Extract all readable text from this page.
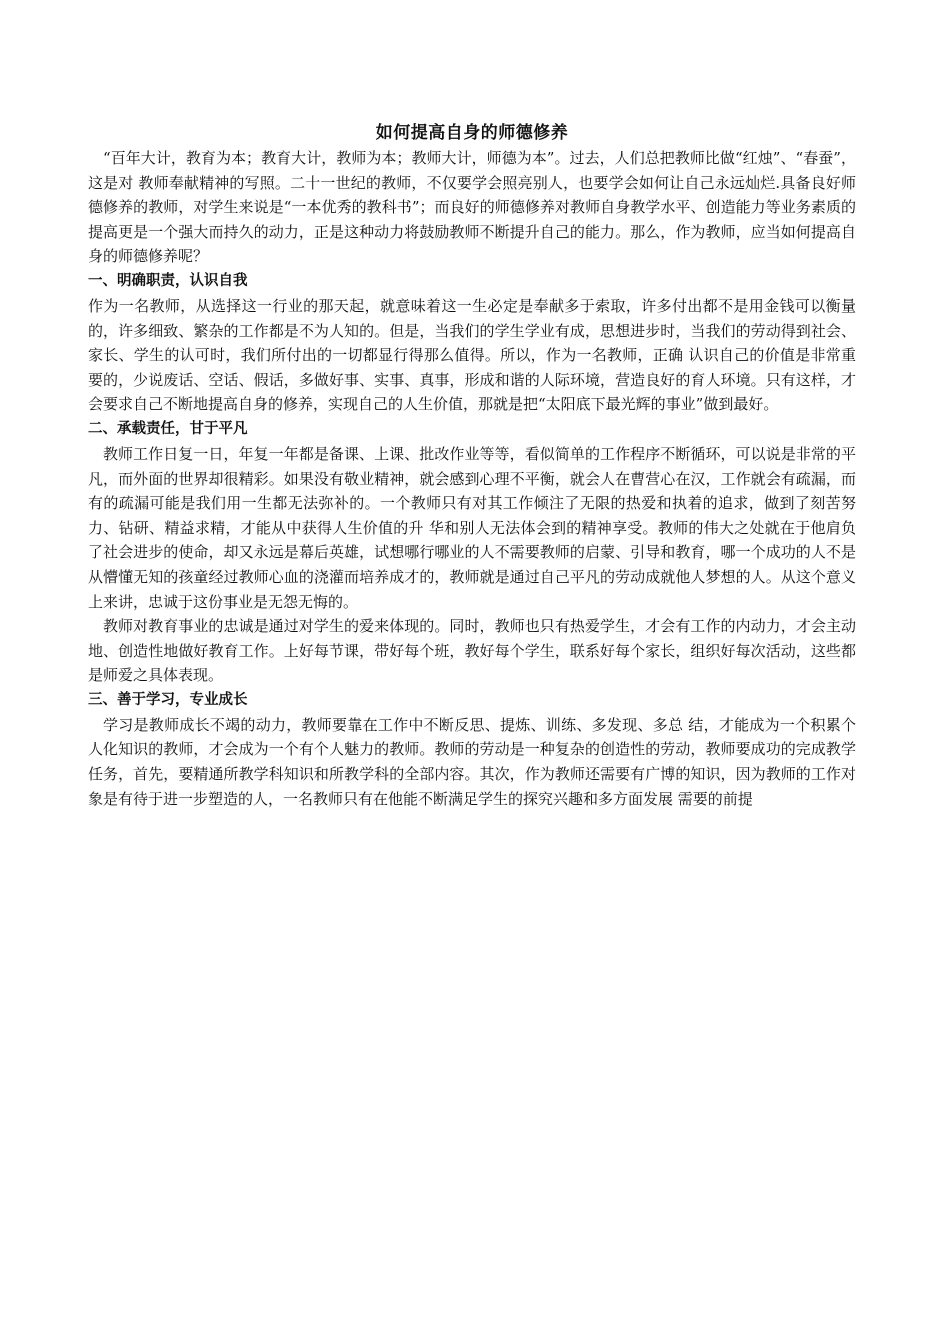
如何提高自身的师德修养

“百年大计，教育为本；教育大计，教师为本；教师大计，师德为本”。过去，人们总把教师比做“红烛”、“春蚕”，这是对 教师奉献精神的写照。二十一世纪的教师，不仅要学会照亮别人，也要学会如何让自己永远灿烂.具备良好师德修养的教师，对学生来说是“一本优秀的教科书”；而良好的师德修养对教师自身教学水平、创造能力等业务素质的提高更是一个强大而持久的动力，正是这种动力将鼓励教师不断提升自己的能力。那么，作为教师，应当如何提高自身的师德修养呢？

一、明确职责，认识自我

作为一名教师，从选择这一行业的那天起，就意味着这一生必定是奉献多于索取，许多付出都不是用金钱可以衡量的，许多细致、繁杂的工作都是不为人知的。但是，当我们的学生学业有成，思想进步时，当我们的劳动得到社会、家长、学生的认可时，我们所付出的一切都显行得那么值得。所以，作为一名教师，正确 认识自己的价值是非常重要的，少说废话、空话、假话，多做好事、实事、真事，形成和谐的人际环境，营造良好的育人环境。只有这样，才会要求自己不断地提高自身的修养，实现自己的人生价值，那就是把“太阳底下最光辉的事业”做到最好。

二、承载责任，甘于平凡

教师工作日复一日，年复一年都是备课、上课、批改作业等等，看似简单的工作程序不断循环，可以说是非常的平凡，而外面的世界却很精彩。如果没有敬业精神，就会感到心理不平衡，就会人在曹营心在汉，工作就会有疏漏，而有的疏漏可能是我们用一生都无法弥补的。一个教师只有对其工作倾注了无限的热爱和执着的追求，做到了刻苦努力、钻研、精益求精，才能从中获得人生价值的升 华和别人无法体会到的精神享受。教师的伟大之处就在于他肩负了社会进步的使命，却又永远是幕后英雄，试想哪行哪业的人不需要教师的启蒙、引导和教育，哪一个成功的人不是从懵懂无知的孩童经过教师心血的浇灌而培养成才的，教师就是通过自己平凡的劳动成就他人梦想的人。从这个意义上来讲，忠诚于这份事业是无怨无悔的。

教师对教育事业的忠诚是通过对学生的爱来体现的。同时，教师也只有热爱学生，才会有工作的内动力，才会主动地、创造性地做好教育工作。上好每节课，带好每个班，教好每个学生，联系好每个家长，组织好每次活动，这些都是师爱之具体表现。

三、善于学习，专业成长

学习是教师成长不竭的动力，教师要靠在工作中不断反思、提炼、训练、多发现、多总 结，才能成为一个积累个人化知识的教师，才会成为一个有个人魅力的教师。教师的劳动是一种复杂的创造性的劳动，教师要成功的完成教学任务，首先，要精通所教学科知识和所教学科的全部内容。其次，作为教师还需要有广博的知识，因为教师的工作对象是有待于进一步塑造的人，一名教师只有在他能不断满足学生的探究兴趣和多方面发展 需要的前提
